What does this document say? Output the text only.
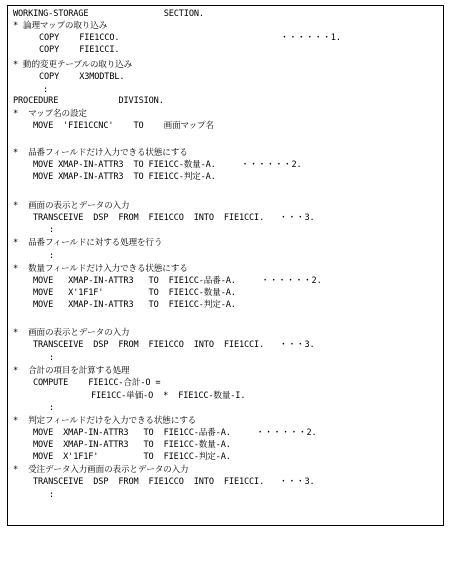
WORKING-STORAGE               SECTION.
* 論理マップの取り込み
COPY    FIE1CCO.                                ・・・・・・1.
COPY    FIE1CCI.
* 動的変更テーブルの取り込み
COPY    X3MODTBL.
:
PROCEDURE            DIVISION.
*  マップ名の設定
MOVE  'FIE1CCNC'    TO    画面マップ名
*  品番フィールドだけ入力できる状態にする
MOVE XMAP-IN-ATTR3  TO FIE1CC-数量-A.     ・・・・・・2.
MOVE XMAP-IN-ATTR3  TO FIE1CC-判定-A.
*  画面の表示とデータの入力
TRANSCEIVE  DSP  FROM  FIE1CCO  INTO  FIE1CCI.   ・・・3.
:
*  品番フィールドに対する処理を行う
:
*  数量フィールドだけ入力できる状態にする
MOVE   XMAP-IN-ATTR3   TO  FIE1CC-品番-A.     ・・・・・・2.
MOVE   X'1F1F'         TO  FIE1CC-数量-A.
MOVE   XMAP-IN-ATTR3   TO  FIE1CC-判定-A.
*  画面の表示とデータの入力
TRANSCEIVE  DSP  FROM  FIE1CCO  INTO  FIE1CCI.   ・・・3.
:
*  合計の項目を計算する処理
COMPUTE    FIE1CC-合計-O =
FIE1CC-単価-O  *  FIE1CC-数量-I.
:
*  判定フィールドだけを入力できる状態にする
MOVE  XMAP-IN-ATTR3   TO  FIE1CC-品番-A.     ・・・・・・2.
MOVE  XMAP-IN-ATTR3   TO  FIE1CC-数量-A.
MOVE  X'1F1F'         TO  FIE1CC-判定-A.
*  受注データ入力画面の表示とデータの入力
TRANSCEIVE  DSP  FROM  FIE1CCO  INTO  FIE1CCI.   ・・・3.
:
